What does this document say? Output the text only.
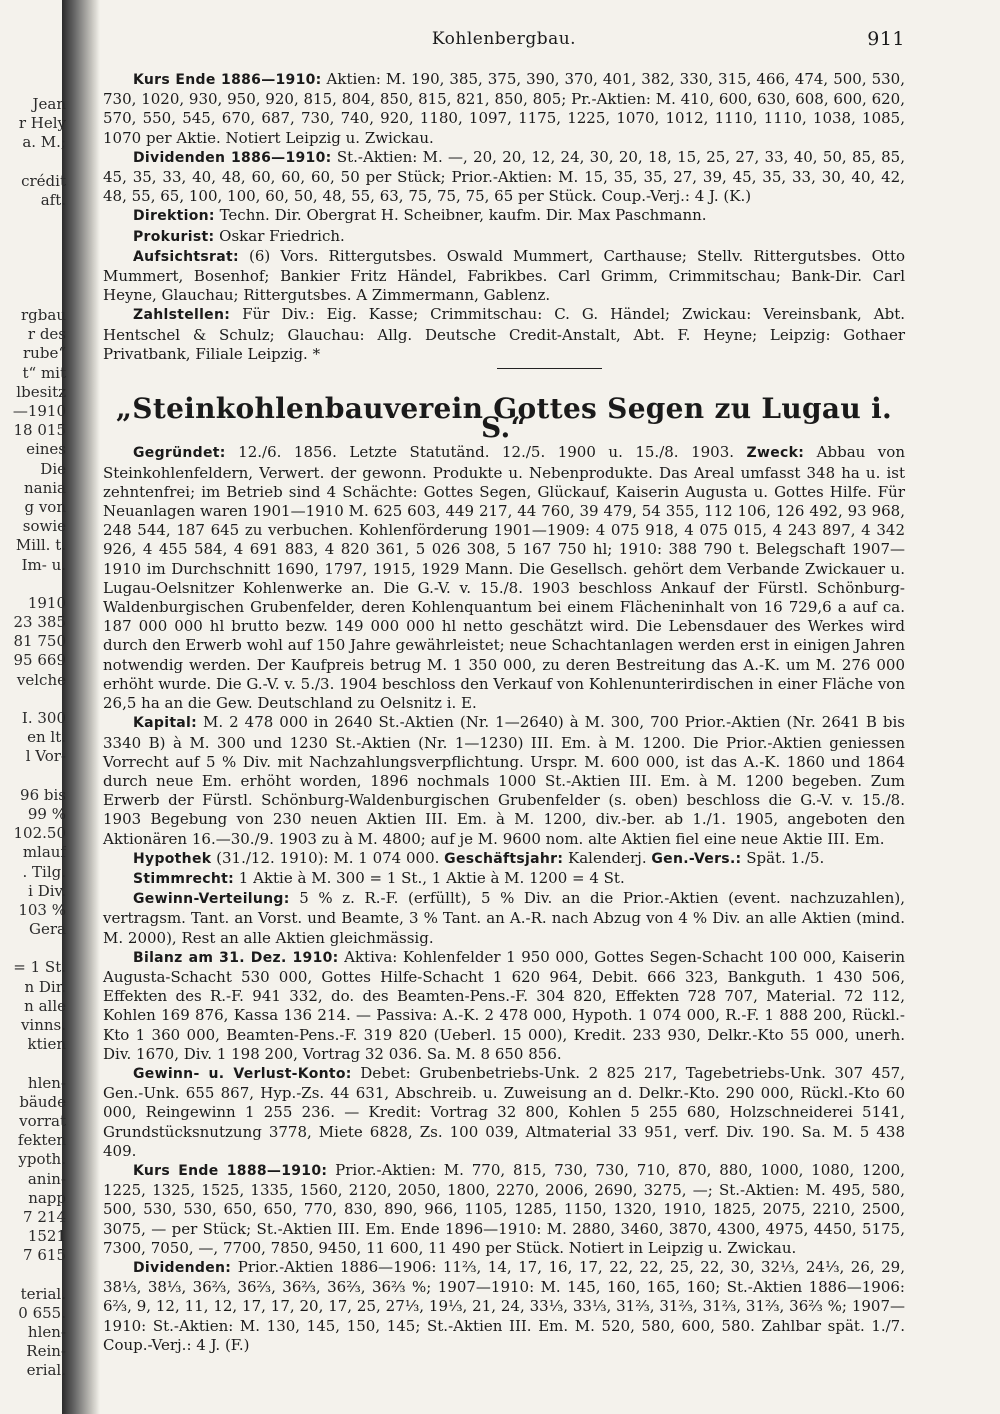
Jean
r Hely
a. M.;
crédit
aft.
rgbau
r des
rube“
t“ mit
lbesitz
—1910
18 015
eines
Die
nania
g von
sowie
Mill. t.
Im- u.
1910
23 385
81 750
95 669
velche
I. 300
en lt.
l Vor-
96 bis
99 %
102.50
mlauf
. Tilg.
i Div.
103 %
Gera
= 1 St.
n Dir.
n alle
vinns.
ktien
hlen-
bäude
vorrat
fekten
ypoth.
anin-
napp
7 214
1521
7 615
terial.
0 655.
hlen-
Rein-
erial.
Kohlenbergbau.	911

Kurs Ende 1886—1910: Aktien: M. 190, 385, 375, 390, 370, 401, 382, 330, 315, 466, 474, 500, 530, 730, 1020, 930, 950, 920, 815, 804, 850, 815, 821, 850, 805; Pr.-Aktien: M. 410, 600, 630, 608, 600, 620, 570, 550, 545, 670, 687, 730, 740, 920, 1180, 1097, 1175, 1225, 1070, 1012, 1110, 1110, 1038, 1085, 1070 per Aktie. Notiert Leipzig u. Zwickau.

Dividenden 1886—1910: St.-Aktien: M. —, 20, 20, 12, 24, 30, 20, 18, 15, 25, 27, 33, 40, 50, 85, 85, 45, 35, 33, 40, 48, 60, 60, 60, 50 per Stück; Prior.-Aktien: M. 15, 35, 35, 27, 39, 45, 35, 33, 30, 40, 42, 48, 55, 65, 100, 100, 60, 50, 48, 55, 63, 75, 75, 75, 65 per Stück. Coup.-Verj.: 4 J. (K.)

Direktion: Techn. Dir. Obergrat H. Scheibner, kaufm. Dir. Max Paschmann.

Prokurist: Oskar Friedrich.

Aufsichtsrat: (6) Vors. Rittergutsbes. Oswald Mummert, Carthause; Stellv. Rittergutsbes. Otto Mummert, Bosenhof; Bankier Fritz Händel, Fabrikbes. Carl Grimm, Crimmitschau; Bank-Dir. Carl Heyne, Glauchau; Rittergutsbes. A Zimmermann, Gablenz.

Zahlstellen: Für Div.: Eig. Kasse; Crimmitschau: C. G. Händel; Zwickau: Vereinsbank, Abt. Hentschel & Schulz; Glauchau: Allg. Deutsche Credit-Anstalt, Abt. F. Heyne; Leipzig: Gothaer Privatbank, Filiale Leipzig. *

„Steinkohlenbauverein Gottes Segen zu Lugau i. S.“

Gegründet: 12./6. 1856. Letzte Statutänd. 12./5. 1900 u. 15./8. 1903. Zweck: Abbau von Steinkohlenfeldern, Verwert. der gewonn. Produkte u. Nebenprodukte. Das Areal umfasst 348 ha u. ist zehntenfrei; im Betrieb sind 4 Schächte: Gottes Segen, Glückauf, Kaiserin Augusta u. Gottes Hilfe. Für Neuanlagen waren 1901—1910 M. 625 603, 449 217, 44 760, 39 479, 54 355, 112 106, 126 492, 93 968, 248 544, 187 645 zu verbuchen. Kohlenförderung 1901—1909: 4 075 918, 4 075 015, 4 243 897, 4 342 926, 4 455 584, 4 691 883, 4 820 361, 5 026 308, 5 167 750 hl; 1910: 388 790 t. Belegschaft 1907—1910 im Durchschnitt 1690, 1797, 1915, 1929 Mann. Die Gesellsch. gehört dem Verbande Zwickauer u. Lugau-Oelsnitzer Kohlenwerke an. Die G.-V. v. 15./8. 1903 beschloss Ankauf der Fürstl. Schönburg-Waldenburgischen Grubenfelder, deren Kohlenquantum bei einem Flächeninhalt von 16 729,6 a auf ca. 187 000 000 hl brutto bezw. 149 000 000 hl netto geschätzt wird. Die Lebensdauer des Werkes wird durch den Erwerb wohl auf 150 Jahre gewährleistet; neue Schachtanlagen werden erst in einigen Jahren notwendig werden. Der Kaufpreis betrug M. 1 350 000, zu deren Bestreitung das A.-K. um M. 276 000 erhöht wurde. Die G.-V. v. 5./3. 1904 beschloss den Verkauf von Kohlenunterirdischen in einer Fläche von 26,5 ha an die Gew. Deutschland zu Oelsnitz i. E.

Kapital: M. 2 478 000 in 2640 St.-Aktien (Nr. 1—2640) à M. 300, 700 Prior.-Aktien (Nr. 2641 B bis 3340 B) à M. 300 und 1230 St.-Aktien (Nr. 1—1230) III. Em. à M. 1200. Die Prior.-Aktien geniessen Vorrecht auf 5 % Div. mit Nachzahlungsverpflichtung. Urspr. M. 600 000, ist das A.-K. 1860 und 1864 durch neue Em. erhöht worden, 1896 nochmals 1000 St.-Aktien III. Em. à M. 1200 begeben. Zum Erwerb der Fürstl. Schönburg-Waldenburgischen Grubenfelder (s. oben) beschloss die G.-V. v. 15./8. 1903 Begebung von 230 neuen Aktien III. Em. à M. 1200, div.-ber. ab 1./1. 1905, angeboten den Aktionären 16.—30./9. 1903 zu à M. 4800; auf je M. 9600 nom. alte Aktien fiel eine neue Aktie III. Em.

Hypothek (31./12. 1910): M. 1 074 000. Geschäftsjahr: Kalenderj. Gen.-Vers.: Spät. 1./5.

Stimmrecht: 1 Aktie à M. 300 = 1 St., 1 Aktie à M. 1200 = 4 St.

Gewinn-Verteilung: 5 % z. R.-F. (erfüllt), 5 % Div. an die Prior.-Aktien (event. nachzuzahlen), vertragsm. Tant. an Vorst. und Beamte, 3 % Tant. an A.-R. nach Abzug von 4 % Div. an alle Aktien (mind. M. 2000), Rest an alle Aktien gleichmässig.

Bilanz am 31. Dez. 1910: Aktiva: Kohlenfelder 1 950 000, Gottes Segen-Schacht 100 000, Kaiserin Augusta-Schacht 530 000, Gottes Hilfe-Schacht 1 620 964, Debit. 666 323, Bankguth. 1 430 506, Effekten des R.-F. 941 332, do. des Beamten-Pens.-F. 304 820, Effekten 728 707, Material. 72 112, Kohlen 169 876, Kassa 136 214. — Passiva: A.-K. 2 478 000, Hypoth. 1 074 000, R.-F. 1 888 200, Rückl.-Kto 1 360 000, Beamten-Pens.-F. 319 820 (Ueberl. 15 000), Kredit. 233 930, Delkr.-Kto 55 000, unerh. Div. 1670, Div. 1 198 200, Vortrag 32 036. Sa. M. 8 650 856.

Gewinn- u. Verlust-Konto: Debet: Grubenbetriebs-Unk. 2 825 217, Tagebetriebs-Unk. 307 457, Gen.-Unk. 655 867, Hyp.-Zs. 44 631, Abschreib. u. Zuweisung an d. Delkr.-Kto. 290 000, Rückl.-Kto 60 000, Reingewinn 1 255 236. — Kredit: Vortrag 32 800, Kohlen 5 255 680, Holzschneiderei 5141, Grundstücksnutzung 3778, Miete 6828, Zs. 100 039, Altmaterial 33 951, verf. Div. 190. Sa. M. 5 438 409.

Kurs Ende 1888—1910: Prior.-Aktien: M. 770, 815, 730, 730, 710, 870, 880, 1000, 1080, 1200, 1225, 1325, 1525, 1335, 1560, 2120, 2050, 1800, 2270, 2006, 2690, 3275, —; St.-Aktien: M. 495, 580, 500, 530, 530, 650, 650, 770, 830, 890, 966, 1105, 1285, 1150, 1320, 1910, 1825, 2075, 2210, 2500, 3075, — per Stück; St.-Aktien III. Em. Ende 1896—1910: M. 2880, 3460, 3870, 4300, 4975, 4450, 5175, 7300, 7050, —, 7700, 7850, 9450, 11 600, 11 490 per Stück. Notiert in Leipzig u. Zwickau.

Dividenden: Prior.-Aktien 1886—1906: 11⅔, 14, 17, 16, 17, 22, 22, 25, 22, 30, 32⅓, 24⅓, 26, 29, 38⅓, 38⅓, 36⅔, 36⅔, 36⅔, 36⅔, 36⅔ %; 1907—1910: M. 145, 160, 165, 160; St.-Aktien 1886—1906: 6⅔, 9, 12, 11, 12, 17, 17, 20, 17, 25, 27⅓, 19⅓, 21, 24, 33⅓, 33⅓, 31⅔, 31⅔, 31⅔, 31⅔, 36⅔ %; 1907—1910: St.-Aktien: M. 130, 145, 150, 145; St.-Aktien III. Em. M. 520, 580, 600, 580. Zahlbar spät. 1./7. Coup.-Verj.: 4 J. (F.)
